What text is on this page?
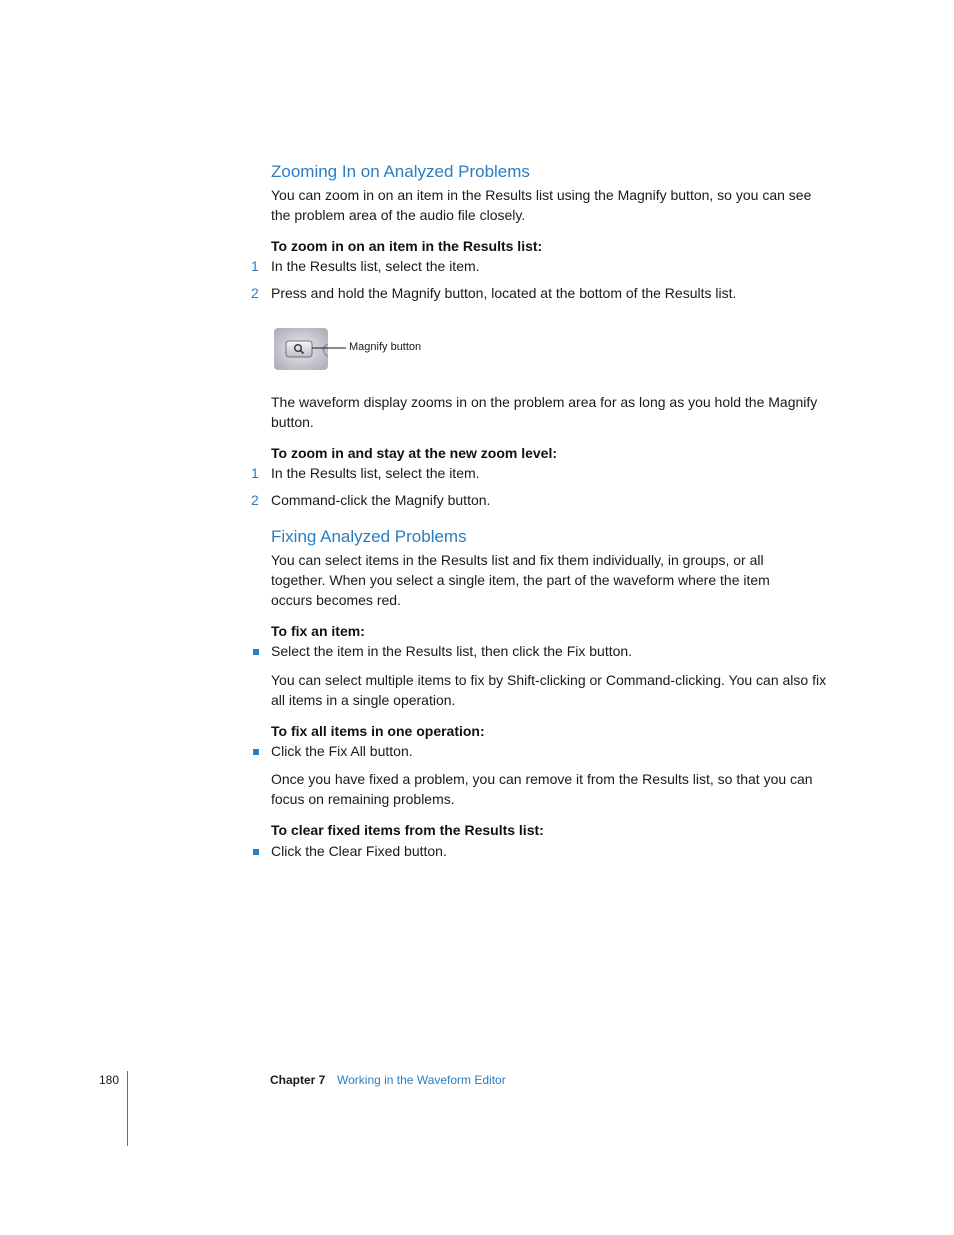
Zooming In on Analyzed Problems
You can zoom in on an item in the Results list using the Magnify button, so you can see the problem area of the audio file closely.
To zoom in on an item in the Results list:
1 In the Results list, select the item.
2 Press and hold the Magnify button, located at the bottom of the Results list.
Magnify button
The waveform display zooms in on the problem area for as long as you hold the Magnify button.
To zoom in and stay at the new zoom level:
1 In the Results list, select the item.
2 Command-click the Magnify button.
Fixing Analyzed Problems
You can select items in the Results list and fix them individually, in groups, or all together. When you select a single item, the part of the waveform where the item occurs becomes red.
To fix an item:
Select the item in the Results list, then click the Fix button.
You can select multiple items to fix by Shift-clicking or Command-clicking. You can also fix all items in a single operation.
To fix all items in one operation:
Click the Fix All button.
Once you have fixed a problem, you can remove it from the Results list, so that you can focus on remaining problems.
To clear fixed items from the Results list:
Click the Clear Fixed button.
180	Chapter 7 Working in the Waveform Editor
